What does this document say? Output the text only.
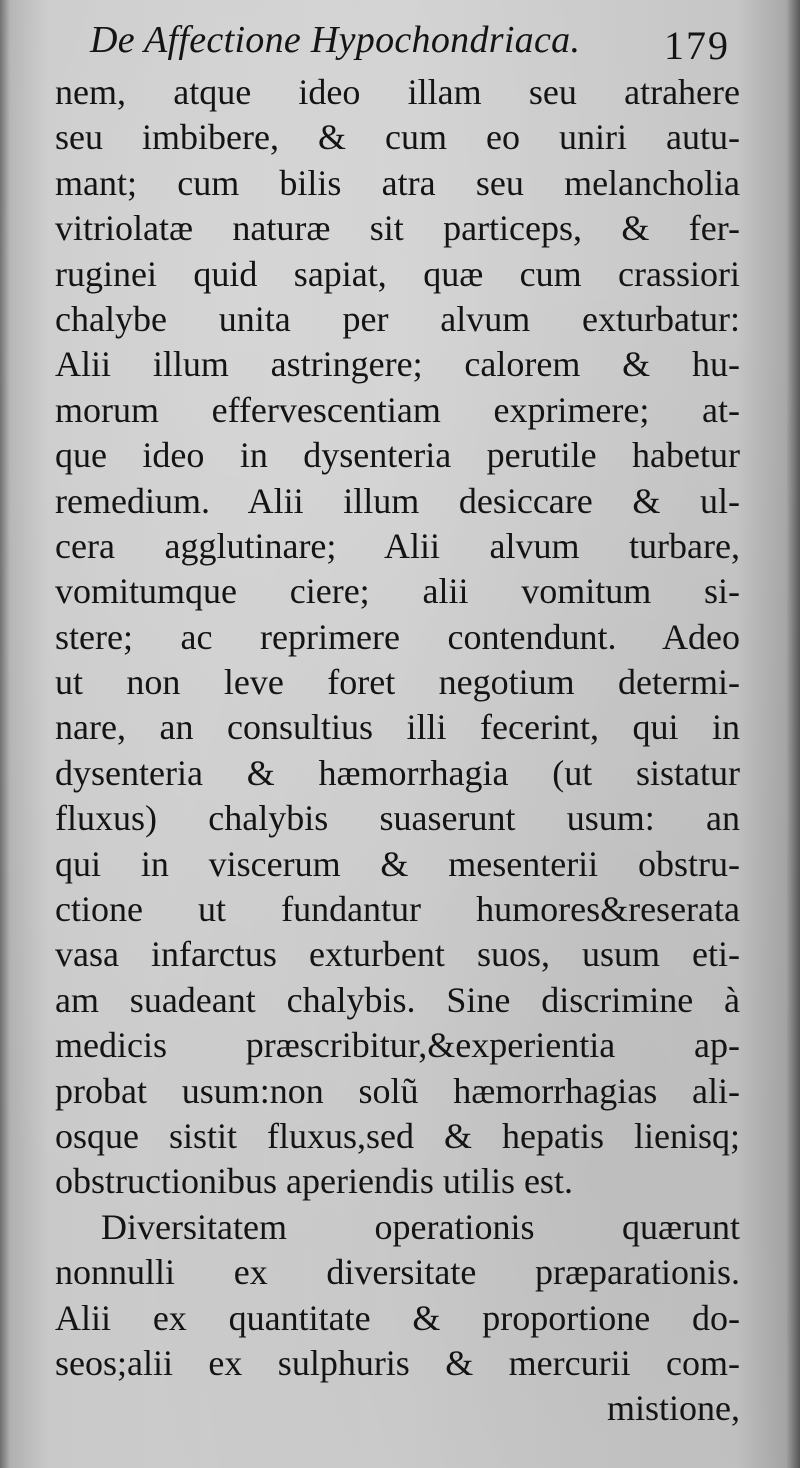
De Affectione Hypochondriaca. 179
nem, atque ideo illam seu atrahere
seu imbibere, & cum eo uniri autu-
mant; cum bilis atra seu melancholia
vitriolatæ naturæ sit particeps, & fer-
ruginei quid sapiat, quæ cum crassiori
chalybe unita per alvum exturbatur:
Alii illum astringere; calorem & hu-
morum effervescentiam exprimere; at-
que ideo in dysenteria perutile habetur
remedium. Alii illum desiccare & ul-
cera agglutinare; Alii alvum turbare,
vomitumque ciere; alii vomitum si-
stere; ac reprimere contendunt. Adeo
ut non leve foret negotium determi-
nare, an consultius illi fecerint, qui in
dysenteria & hæmorrhagia (ut sistatur
fluxus) chalybis suaserunt usum: an
qui in viscerum & mesenterii obstru-
ctione ut fundantur humores&reserata
vasa infarctus exturbent suos, usum eti-
am suadeant chalybis. Sine discrimine à
medicis præscribitur,&experientia ap-
probat usum:non solũ hæmorrhagias ali-
osque sistit fluxus,sed & hepatis lienisq;
obstructionibus aperiendis utilis est.
Diversitatem operationis quærunt
nonnulli ex diversitate præparationis.
Alii ex quantitate & proportione do-
seos;alii ex sulphuris & mercurii com-
mistione,
